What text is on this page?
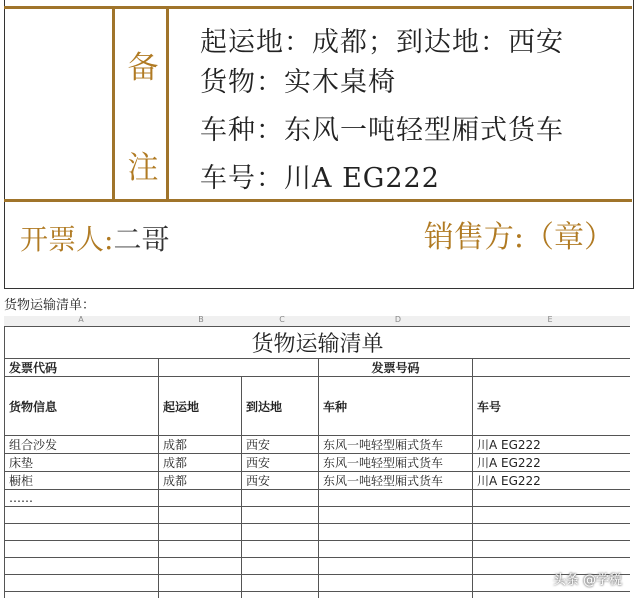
备
注
起运地：成都；到达地：西安
货物：实木桌椅
车种：东风一吨轻型厢式货车
车号：川A EG222
开票人:二哥	销售方:（章）
货物运输清单：
A	B	C	D	E
货物运输清单				
发票代码			发票号码	
货物信息	起运地	到达地	车种	车号
组合沙发	成都	西安	东风一吨轻型厢式货车	川A EG222
床垫	成都	西安	东风一吨轻型厢式货车	川A EG222
橱柜	成都	西安	东风一吨轻型厢式货车	川A EG222
……				

头条 @学税
